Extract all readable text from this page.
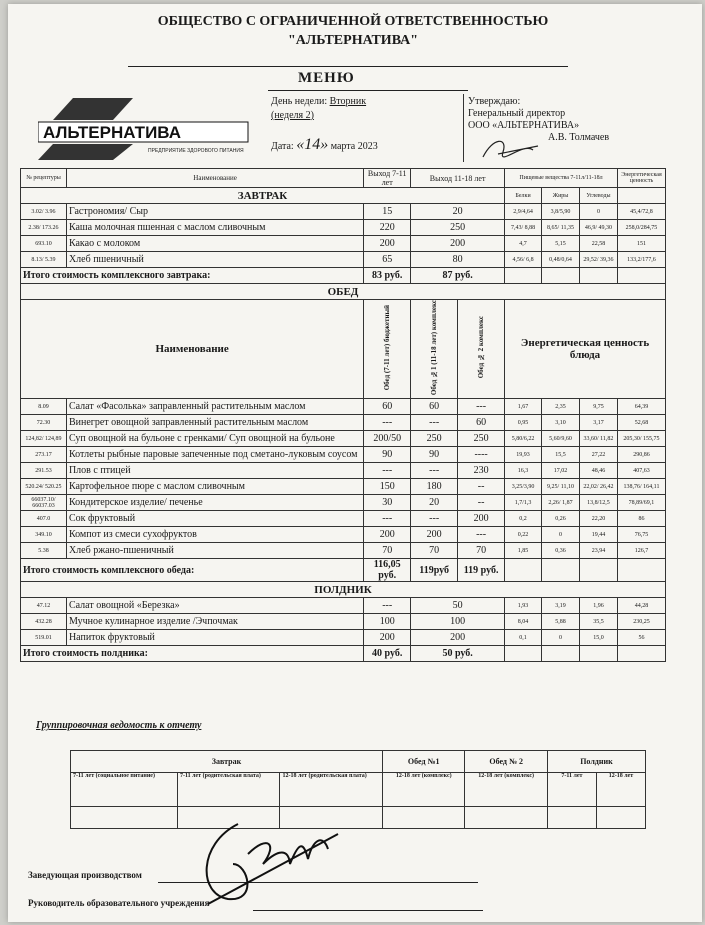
ОБЩЕСТВО С ОГРАНИЧЕННОЙ ОТВЕТСТВЕННОСТЬЮ
"АЛЬТЕРНАТИВА"
МЕНЮ
АЛЬТЕРНАТИВА
ПРЕДПРИЯТИЕ ЗДОРОВОГО ПИТАНИЯ
День недели: Вторник
(неделя 2)
Дата: «14» марта 2023
Утверждаю:
Генеральный директор
ООО «АЛЬТЕРНАТИВА»
А.В. Толмачев
№ рецептуры	Наименование	Выход 7-11 лет	Выход 11-18 лет		Пищевые вещества 7-11л/11-18л			Энергетическая ценность
ЗАВТРАК					Белки	Жиры	Углеводы	
3.02/ 3.96	Гастрономия/ Сыр	15	20		2,9/4,64	3,8/5,90	0	45,4/72,8
2.38/ 173.26	Каша молочная пшенная с маслом сливочным	220	250		7,43/ 8,88	8,65/ 11,35	46,9/ 49,30	258,0/284,75
693.10	Какао с молоком	200	200		4,7	5,15	22,58	151
8.13/ 5.39	Хлеб пшеничный	65	80		4,56/ 6,8	0,48/0,64	29,52/ 39,36	133,2/177,6
Итого стоимость комплексного завтрака:		83 руб.	87 руб.					
ОБЕД								
Наименование		Обед (7-11 лет) бюджетный	Обед №1 (11-18 лет) комплекс	Обед № 2 комплекс	Энергетическая ценность блюда			
8.09	Салат «Фасолька» заправленный растительным маслом	60	60	---	1,67	2,35	9,75	64,39
72.30	Винегрет овощной заправленный растительным маслом	---	---	60	0,95	3,10	3,17	52,68
124,82/ 124,89	Суп овощной на бульоне с гренками/ Суп овощной на бульоне	200/50	250	250	5,80/6,22	5,60/9,60	33,60/ 11,82	205,30/ 155,75
273.17	Котлеты рыбные паровые запеченные под сметано-луковым соусом	90	90	----	19,93	15,5	27,22	290,86
291.53	Плов с птицей	---	---	230	16,3	17,02	48,46	407,63
520.24/ 520.25	Картофельное пюре с маслом сливочным	150	180	--	3,25/3,90	9,25/ 11,10	22,02/ 26,42	138,76/ 164,11
66037.10/ 66037.03	Кондитерское изделие/ печенье	30	20	--	1,7/1,3	2,26/ 1,87	13,8/12,5	78,89/69,1
407.0	Сок фруктовый	---	---	200	0,2	0,26	22,20	86
349.10	Компот из смеси сухофруктов	200	200	---	0,22	0	19,44	76,75
5.38	Хлеб ржано-пшеничный	70	70	70	1,85	0,36	23,94	126,7
Итого стоимость комплексного обеда:		116,05 руб.	119руб	119 руб.				
ПОЛДНИК								
47.12	Салат овощной «Березка»	---	50		1,93	3,19	1,96	44,28
432.28	Мучное кулинарное изделие /Эчпочмак	100	100		8,04	5,88	35,5	230,25
519.01	Напиток фруктовый	200	200		0,1	0	15,0	56
Итого стоимость полдника:		40 руб.	50 руб.					
Группировочная ведомость к отчету
Завтрак			Обед №1	Обед № 2	Полдник	
7-11 лет (социальное питание)	7-11 лет (родительская плата)	12-18 лет (родительская плата)	12-18 лет (комплекс)	12-18 лет (комплекс)	7-11 лет	12-18 лет

Заведующая производством
Руководитель образовательного учреждения
